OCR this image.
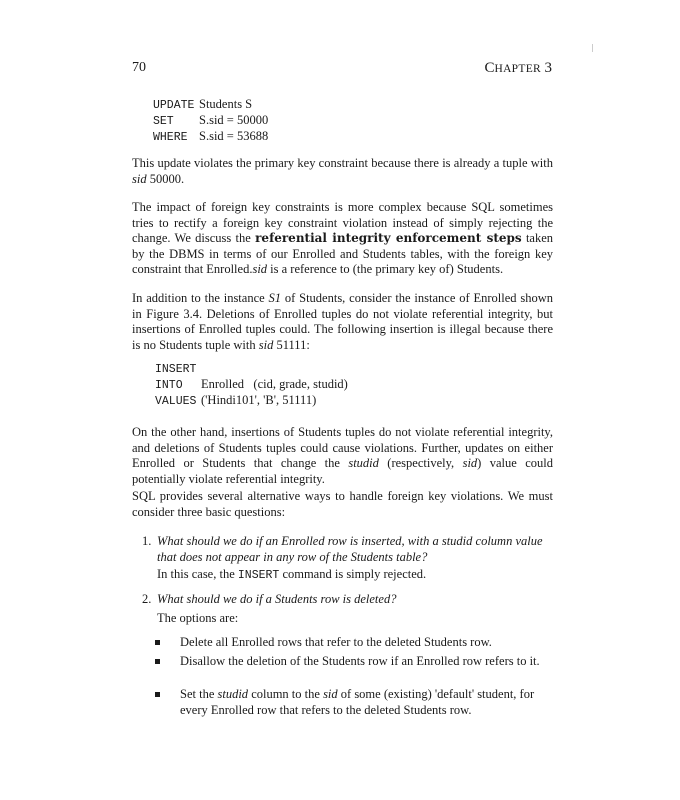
70	CHAPTER 3
UPDATE Students S
SET S.sid = 50000
WHERE S.sid = 53688
This update violates the primary key constraint because there is already a tuple with sid 50000.
The impact of foreign key constraints is more complex because SQL sometimes tries to rectify a foreign key constraint violation instead of simply rejecting the change. We discuss the referential integrity enforcement steps taken by the DBMS in terms of our Enrolled and Students tables, with the foreign key constraint that Enrolled.sid is a reference to (the primary key of) Students.
In addition to the instance S1 of Students, consider the instance of Enrolled shown in Figure 3.4. Deletions of Enrolled tuples do not violate referential integrity, but insertions of Enrolled tuples could. The following insertion is illegal because there is no Students tuple with sid 51111:
INSERT
INTO Enrolled   (cid, grade, studid)
VALUES ('Hindi101', 'B', 51111)
On the other hand, insertions of Students tuples do not violate referential integrity, and deletions of Students tuples could cause violations. Further, updates on either Enrolled or Students that change the studid (respectively, sid) value could potentially violate referential integrity.
SQL provides several alternative ways to handle foreign key violations. We must consider three basic questions:
1. What should we do if an Enrolled row is inserted, with a studid column value that does not appear in any row of the Students table?
In this case, the INSERT command is simply rejected.
2. What should we do if a Students row is deleted?
The options are:
Delete all Enrolled rows that refer to the deleted Students row.
Disallow the deletion of the Students row if an Enrolled row refers to it.
Set the studid column to the sid of some (existing) 'default' student, for every Enrolled row that refers to the deleted Students row.
